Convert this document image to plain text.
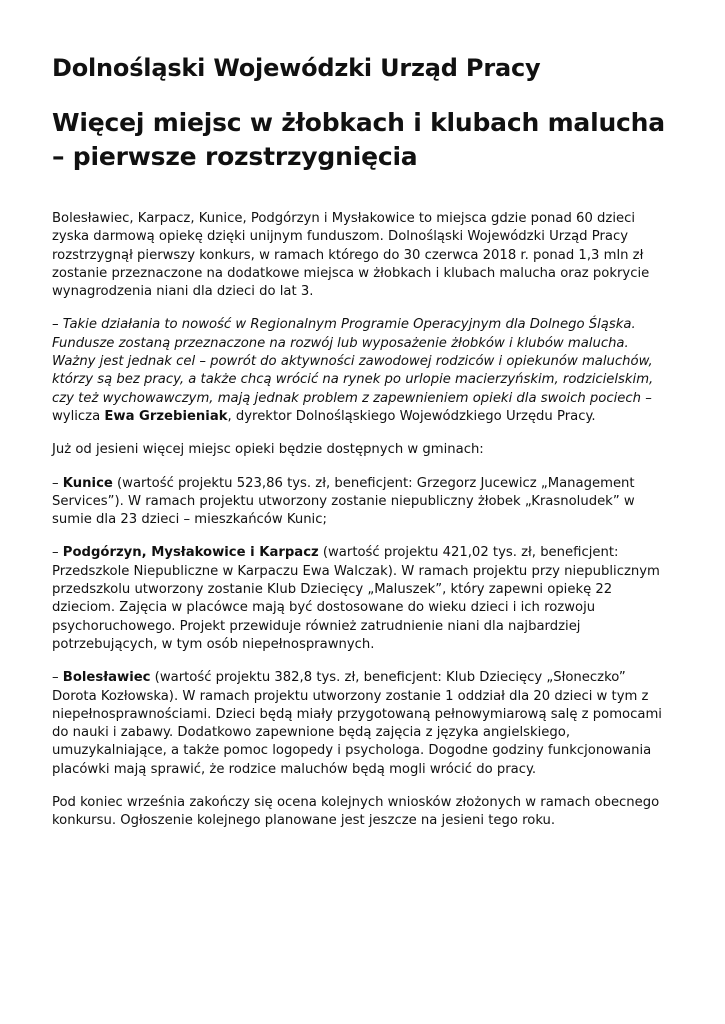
Dolnośląski Wojewódzki Urząd Pracy
Więcej miejsc w żłobkach i klubach malucha – pierwsze rozstrzygnięcia

Bolesławiec, Karpacz, Kunice, Podgórzyn i Mysłakowice to miejsca gdzie ponad 60 dzieci zyska darmową opiekę dzięki unijnym funduszom. Dolnośląski Wojewódzki Urząd Pracy rozstrzygnął pierwszy konkurs, w ramach którego do 30 czerwca 2018 r. ponad 1,3 mln zł zostanie przeznaczone na dodatkowe miejsca w żłobkach i klubach malucha oraz pokrycie wynagrodzenia niani dla dzieci do lat 3.

– Takie działania to nowość w Regionalnym Programie Operacyjnym dla Dolnego Śląska. Fundusze zostaną przeznaczone na rozwój lub wyposażenie żłobków i klubów malucha. Ważny jest jednak cel – powrót do aktywności zawodowej rodziców i opiekunów maluchów, którzy są bez pracy, a także chcą wrócić na rynek po urlopie macierzyńskim, rodzicielskim, czy też wychowawczym, mają jednak problem z zapewnieniem opieki dla swoich pociech – wylicza Ewa Grzebieniak, dyrektor Dolnośląskiego Wojewódzkiego Urzędu Pracy.

Już od jesieni więcej miejsc opieki będzie dostępnych w gminach:

– Kunice (wartość projektu 523,86 tys. zł, beneficjent: Grzegorz Jucewicz „Management Services”). W ramach projektu utworzony zostanie niepubliczny żłobek „Krasnoludek” w sumie dla 23 dzieci – mieszkańców Kunic;

– Podgórzyn, Mysłakowice i Karpacz (wartość projektu 421,02 tys. zł, beneficjent: Przedszkole Niepubliczne w Karpaczu Ewa Walczak). W ramach projektu przy niepublicznym przedszkolu utworzony zostanie Klub Dziecięcy „Maluszek”, który zapewni opiekę 22 dzieciom. Zajęcia w placówce mają być dostosowane do wieku dzieci i ich rozwoju psychoruchowego. Projekt przewiduje również zatrudnienie niani dla najbardziej potrzebujących, w tym osób niepełnosprawnych.

– Bolesławiec (wartość projektu 382,8 tys. zł, beneficjent: Klub Dziecięcy „Słoneczko” Dorota Kozłowska). W ramach projektu utworzony zostanie 1 oddział dla 20 dzieci w tym z niepełnosprawnościami. Dzieci będą miały przygotowaną pełnowymiarową salę z pomocami do nauki i zabawy. Dodatkowo zapewnione będą zajęcia z języka angielskiego, umuzykalniające, a także pomoc logopedy i psychologa. Dogodne godziny funkcjonowania placówki mają sprawić, że rodzice maluchów będą mogli wrócić do pracy.

Pod koniec września zakończy się ocena kolejnych wniosków złożonych w ramach obecnego konkursu. Ogłoszenie kolejnego planowane jest jeszcze na jesieni tego roku.
